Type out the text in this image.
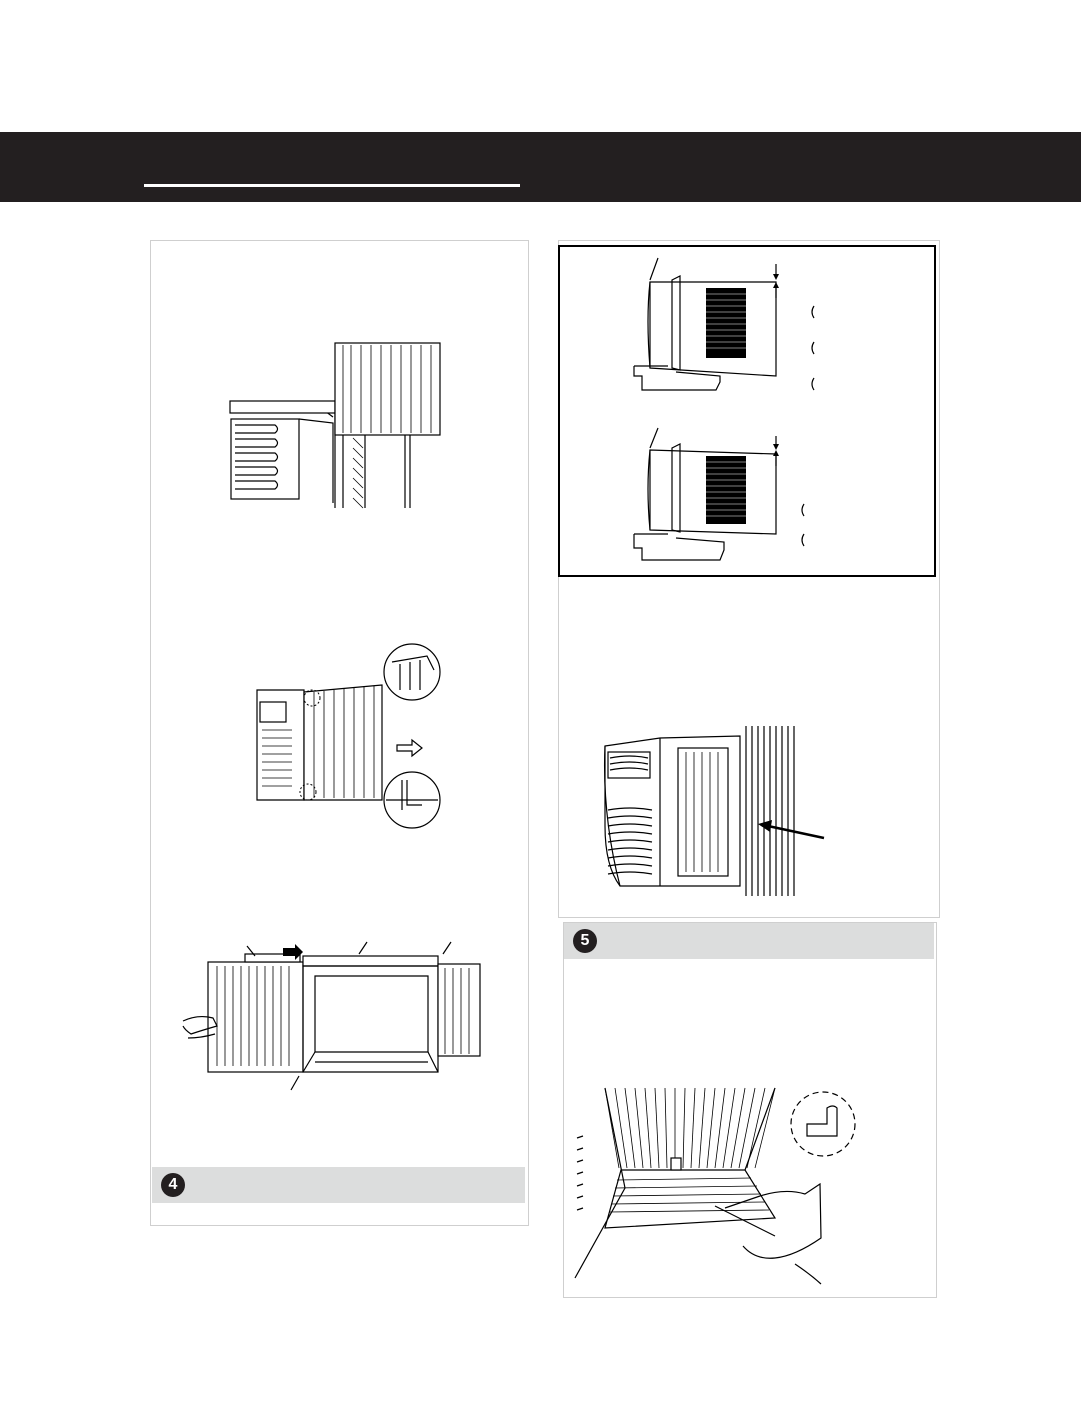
4
5
